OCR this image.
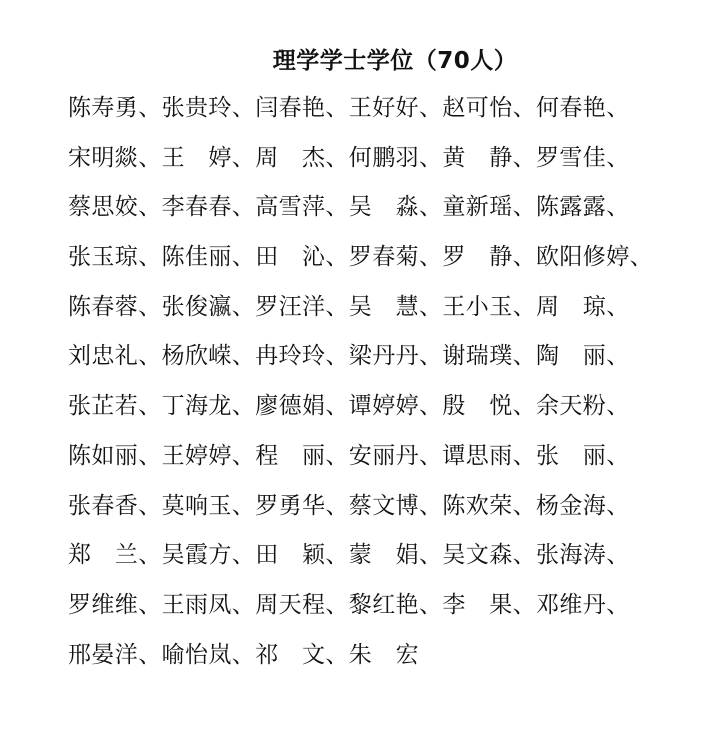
理学学士学位（70人）
陈寿勇、张贵玲、闫春艳、王好好、赵可怡、何春艳、
宋明燚、王　婷、周　杰、何鹏羽、黄　静、罗雪佳、
蔡思姣、李春春、高雪萍、吴　淼、童新瑶、陈露露、
张玉琼、陈佳丽、田　沁、罗春菊、罗　静、欧阳修婷、
陈春蓉、张俊瀛、罗汪洋、吴　慧、王小玉、周　琼、
刘忠礼、杨欣嵘、冉玲玲、梁丹丹、谢瑞璞、陶　丽、
张芷若、丁海龙、廖德娟、谭婷婷、殷　悦、余天粉、
陈如丽、王婷婷、程　丽、安丽丹、谭思雨、张　丽、
张春香、莫响玉、罗勇华、蔡文博、陈欢荣、杨金海、
郑　兰、吴霞方、田　颖、蒙　娟、吴文森、张海涛、
罗维维、王雨凤、周天程、黎红艳、李　果、邓维丹、
邢晏洋、喻怡岚、祁　文、朱　宏
